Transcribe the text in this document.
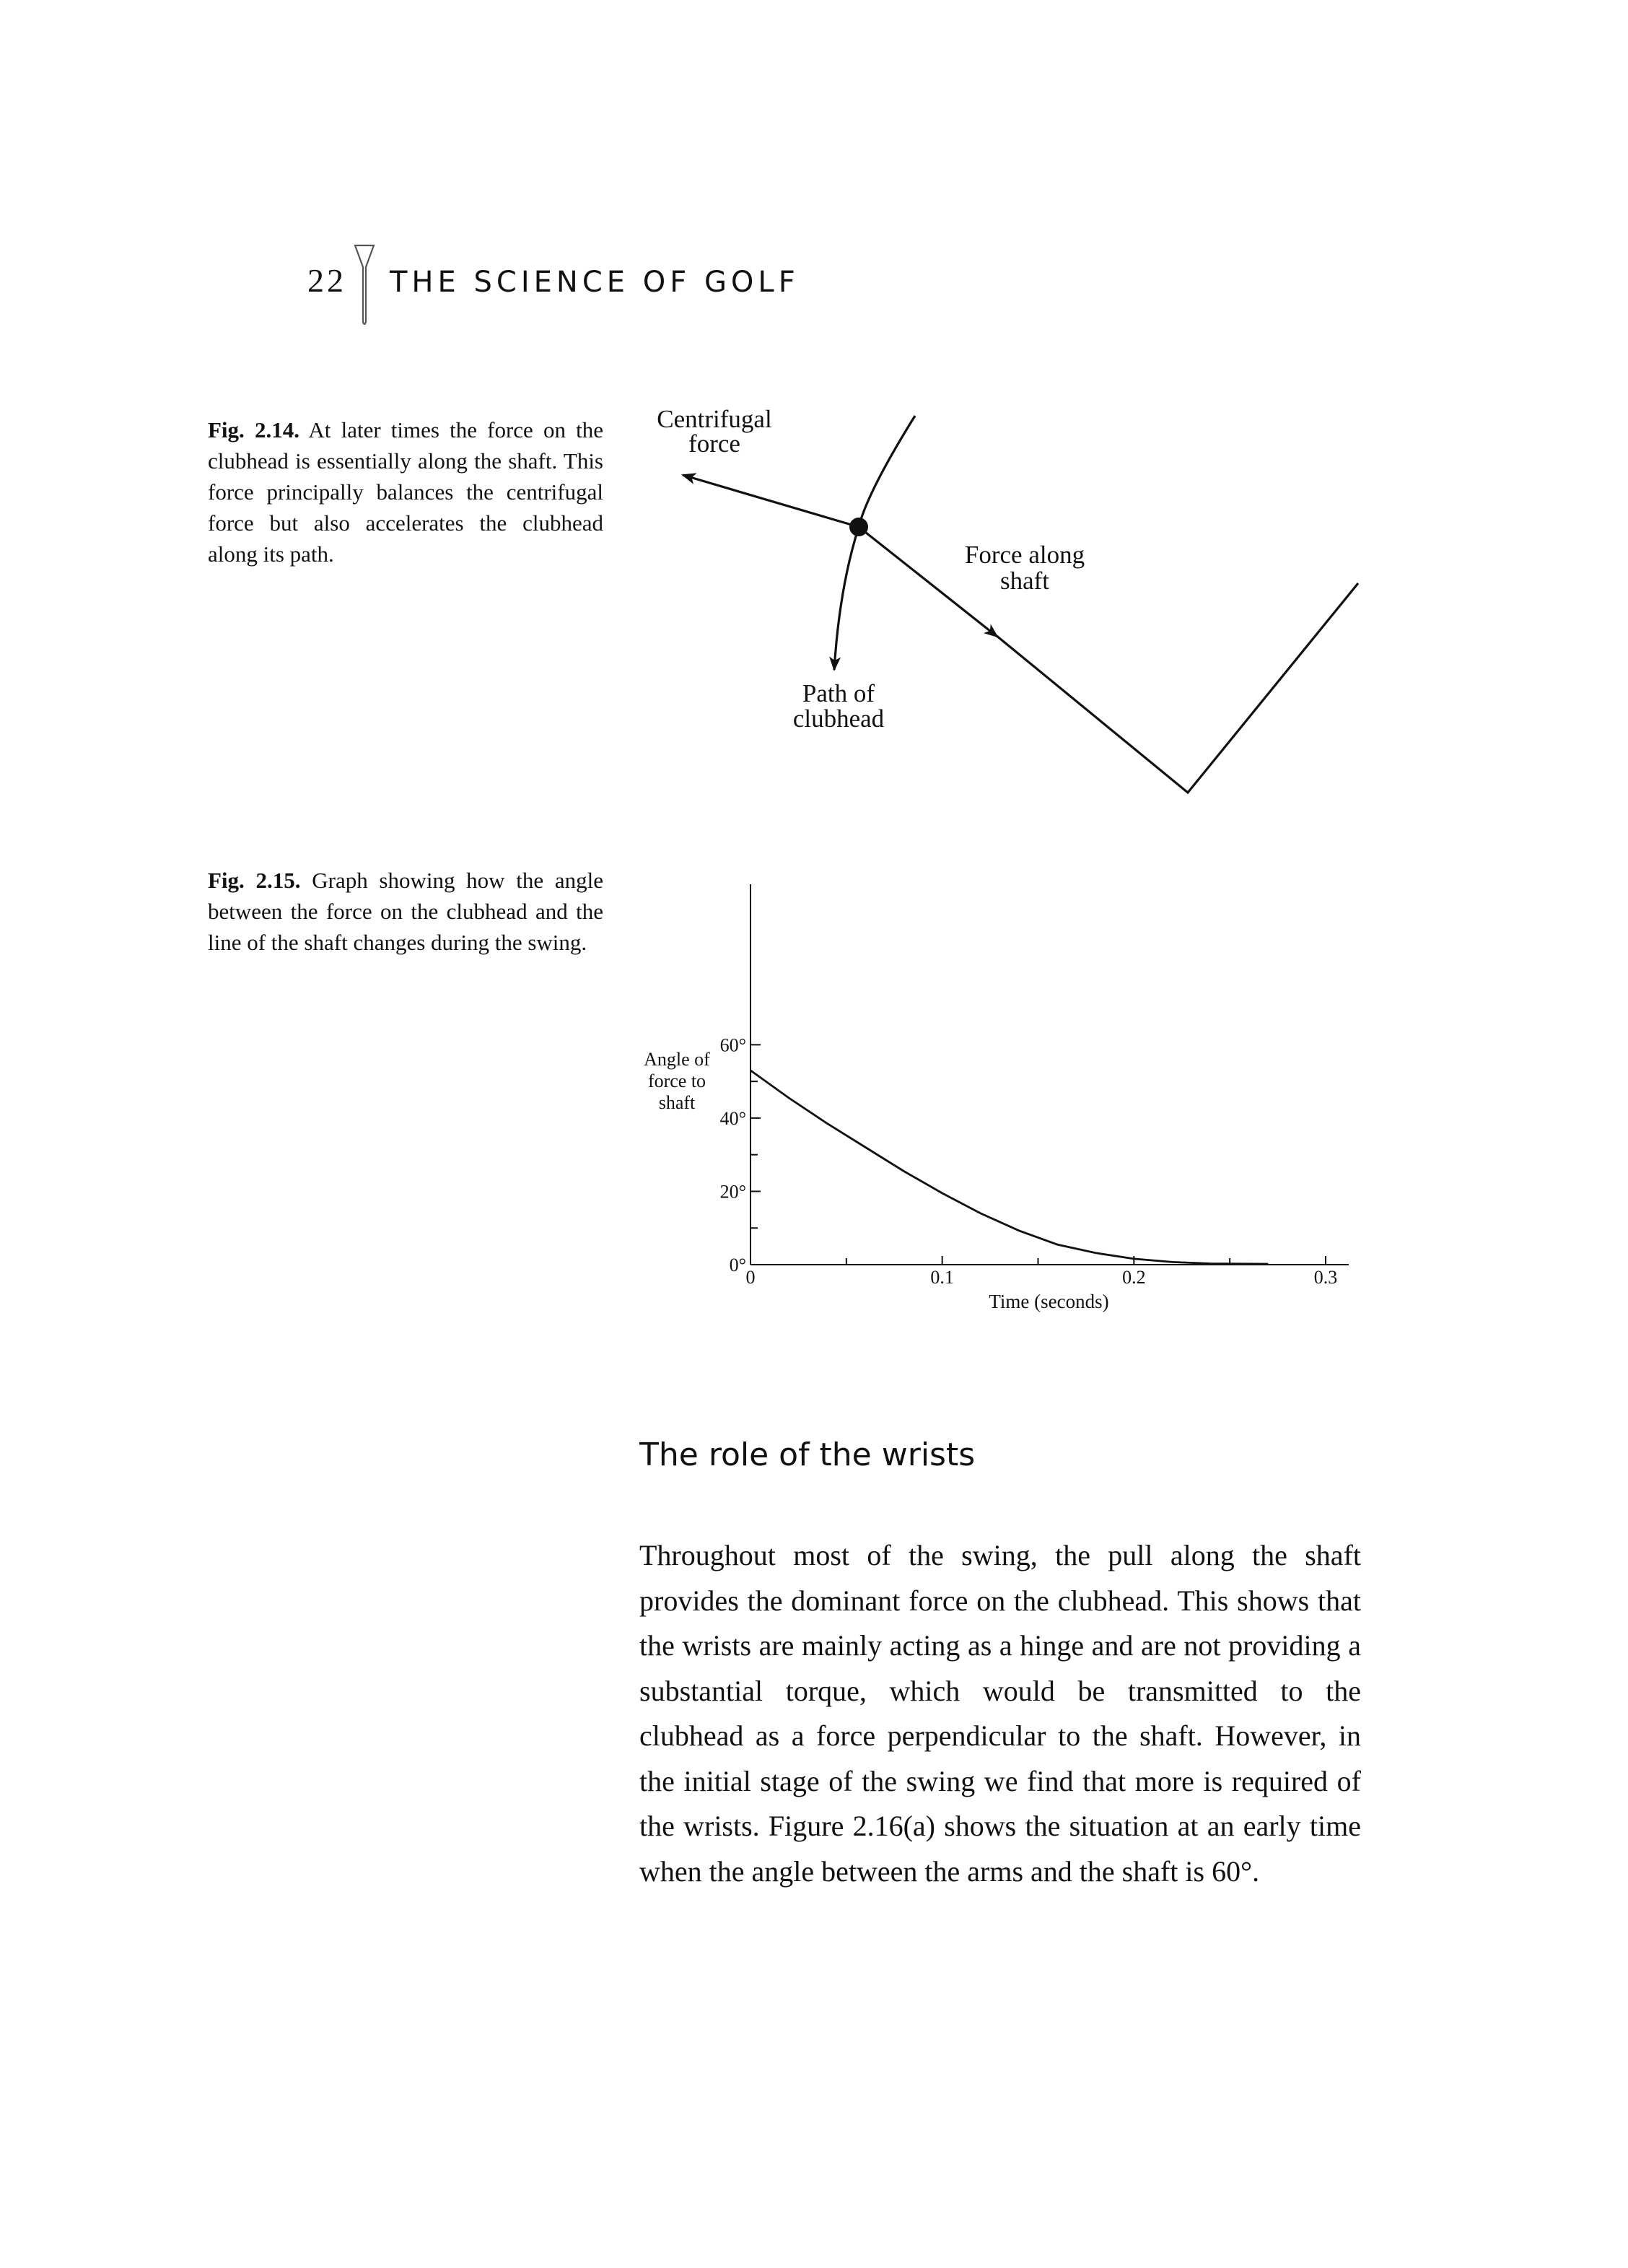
22 THE SCIENCE OF GOLF
Fig. 2.14. At later times the force on the clubhead is essentially along the shaft. This force principally balances the centrifugal force but also accelerates the clubhead along its path.
Centrifugal
force
Force along
shaft
Path of
clubhead
Fig. 2.15. Graph showing how the angle between the force on the clubhead and the line of the shaft changes during the swing.
0°
20°
40°
60°
0	0.1	0.2	0.3
Time (seconds)
Angle of
force to
shaft
The role of the wrists

Throughout most of the swing, the pull along the shaft provides the dominant force on the clubhead. This shows that the wrists are mainly acting as a hinge and are not providing a substantial torque, which would be transmitted to the clubhead as a force perpendicular to the shaft. However, in the initial stage of the swing we find that more is required of the wrists. Figure 2.16(a) shows the situation at an early time when the angle between the arms and the shaft is 60°.
